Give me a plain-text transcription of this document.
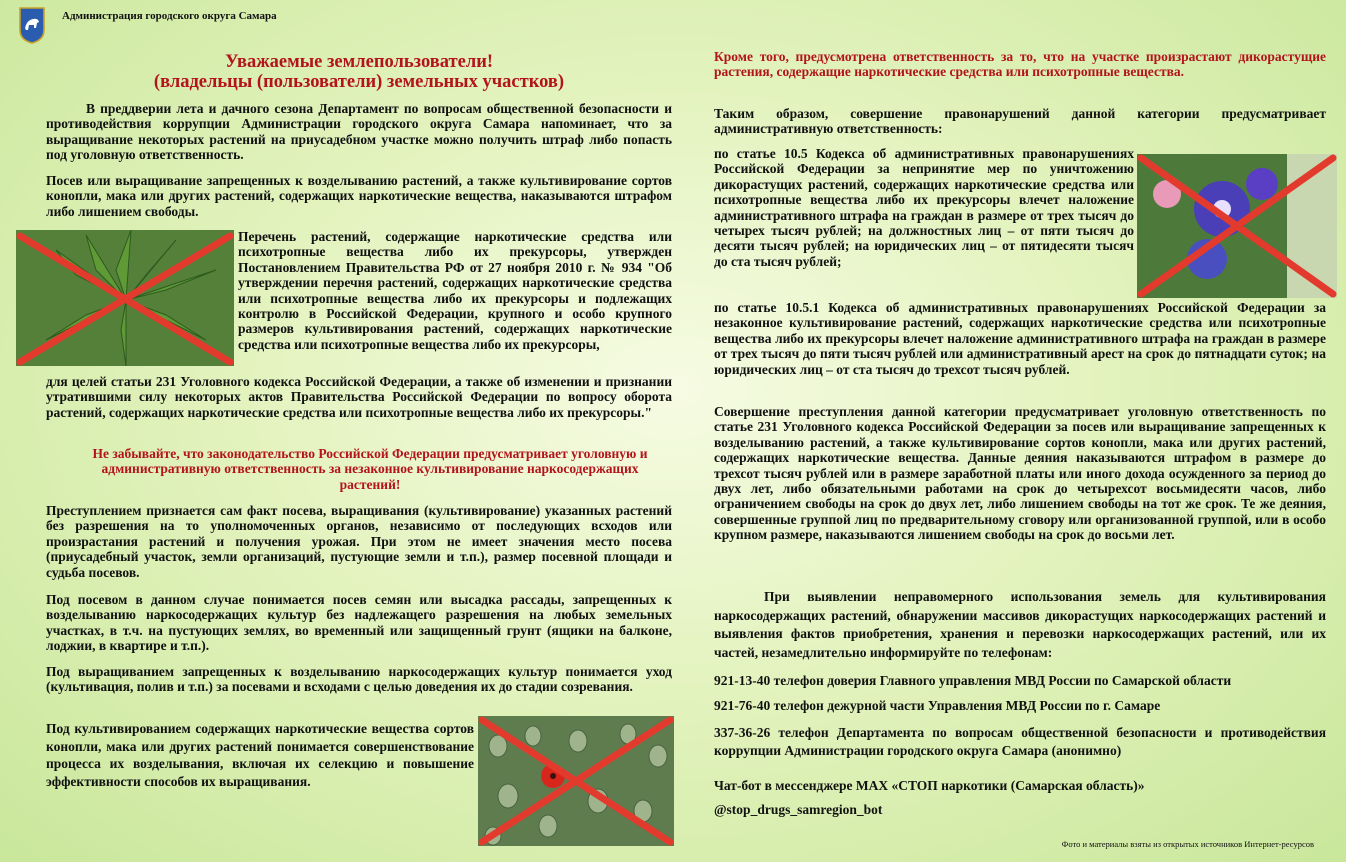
Администрация городского округа Самара
Уважаемые землепользователи!
(владельцы (пользователи) земельных участков)

В преддверии лета и дачного сезона Департамент по вопросам общественной безопасности и противодействия коррупции Администрации городского округа Самара напоминает, что за выращивание некоторых растений на приусадебном участке можно получить штраф либо попасть под уголовную ответственность.

Посев или выращивание запрещенных к возделыванию растений, а также культивирование сортов конопли, мака или других растений, содержащих наркотические вещества, наказываются штрафом либо лишением свободы.

Перечень растений, содержащие наркотические средства или психотропные вещества либо их прекурсоры, утвержден Постановлением Правительства РФ от 27 ноября 2010 г. № 934 "Об утверждении перечня растений, содержащих наркотические средства или психотропные вещества либо их прекурсоры и подлежащих контролю в Российской Федерации, крупного и особо крупного размеров культивирования растений, содержащих наркотические средства или психотропные вещества либо их прекурсоры,

для целей статьи 231 Уголовного кодекса Российской Федерации, а также об изменении и признании утратившими силу некоторых актов Правительства Российской Федерации по вопросу оборота растений, содержащих наркотические средства или психотропные вещества либо их прекурсоры."

Не забывайте, что законодательство Российской Федерации предусматривает уголовную и административную ответственность за незаконное культивирование наркосодержащих растений!

Преступлением признается сам факт посева, выращивания (культивирование) указанных растений без разрешения на то уполномоченных органов, независимо от последующих всходов или произрастания растений и получения урожая. При этом не имеет значения место посева (приусадебный участок, земли организаций, пустующие земли и т.п.), размер посевной площади и судьба посевов.

Под посевом в данном случае понимается посев семян или высадка рассады, запрещенных к возделыванию наркосодержащих культур без надлежащего разрешения на любых земельных участках, в т.ч. на пустующих землях, во временный или защищенный грунт (ящики на балконе, лоджии, в квартире и т.п.).

Под выращиванием запрещенных к возделыванию наркосодержащих культур понимается уход (культивация, полив и т.п.) за посевами и всходами с целью доведения их до стадии созревания.

Под культивированием содержащих наркотические вещества сортов конопли, мака или других растений понимается совершенствование процесса их возделывания, включая их селекцию и повышение эффективности способов их выращивания.

Кроме того, предусмотрена ответственность за то, что на участке произрастают дикорастущие растения, содержащие наркотические средства или психотропные вещества.

Таким образом, совершение правонарушений данной категории предусматривает административную ответственность:

по статье 10.5 Кодекса об административных правонарушениях Российской Федерации за непринятие мер по уничтожению дикорастущих растений, содержащих наркотические средства или психотропные вещества либо их прекурсоры влечет наложение административного штрафа на граждан в размере от трех тысяч до четырех тысяч рублей; на должностных лиц – от пяти тысяч до десяти тысяч рублей; на юридических лиц – от пятидесяти тысяч до ста тысяч рублей;

по статье 10.5.1 Кодекса об административных правонарушениях Российской Федерации за незаконное культивирование растений, содержащих наркотические средства или психотропные вещества либо их прекурсоры влечет наложение административного штрафа на граждан в размере от трех тысяч до пяти тысяч рублей или административный арест на срок до пятнадцати суток; на юридических лиц – от ста тысяч до трехсот тысяч рублей.

Совершение преступления данной категории предусматривает уголовную ответственность по статье 231 Уголовного кодекса Российской Федерации за посев или выращивание запрещенных к возделыванию растений, а также культивирование сортов конопли, мака или других растений, содержащих наркотические вещества. Данные деяния наказываются штрафом в размере до трехсот тысяч рублей или в размере заработной платы или иного дохода осужденного за период до двух лет, либо обязательными работами на срок до четырехсот восьмидесяти часов, либо ограничением свободы на срок до двух лет, либо лишением свободы на тот же срок. Те же деяния, совершенные группой лиц по предварительному сговору или организованной группой, или в особо крупном размере, наказываются лишением свободы на срок до восьми лет.

При выявлении неправомерного использования земель для культивирования наркосодержащих растений, обнаружении массивов дикорастущих наркосодержащих растений и выявления фактов приобретения, хранения и перевозки наркосодержащих растений, или их частей, незамедлительно информируйте по телефонам:

921-13-40 телефон доверия Главного управления МВД России по Самарской области

921-76-40 телефон дежурной части Управления МВД России по г. Самаре

337-36-26 телефон Департамента по вопросам общественной безопасности и противодействия коррупции Администрации городского округа Самара (анонимно)

Чат-бот в мессенджере MAX «СТОП наркотики (Самарская область)»

@stop_drugs_samregion_bot

Фото и материалы взяты из открытых источников Интернет-ресурсов
